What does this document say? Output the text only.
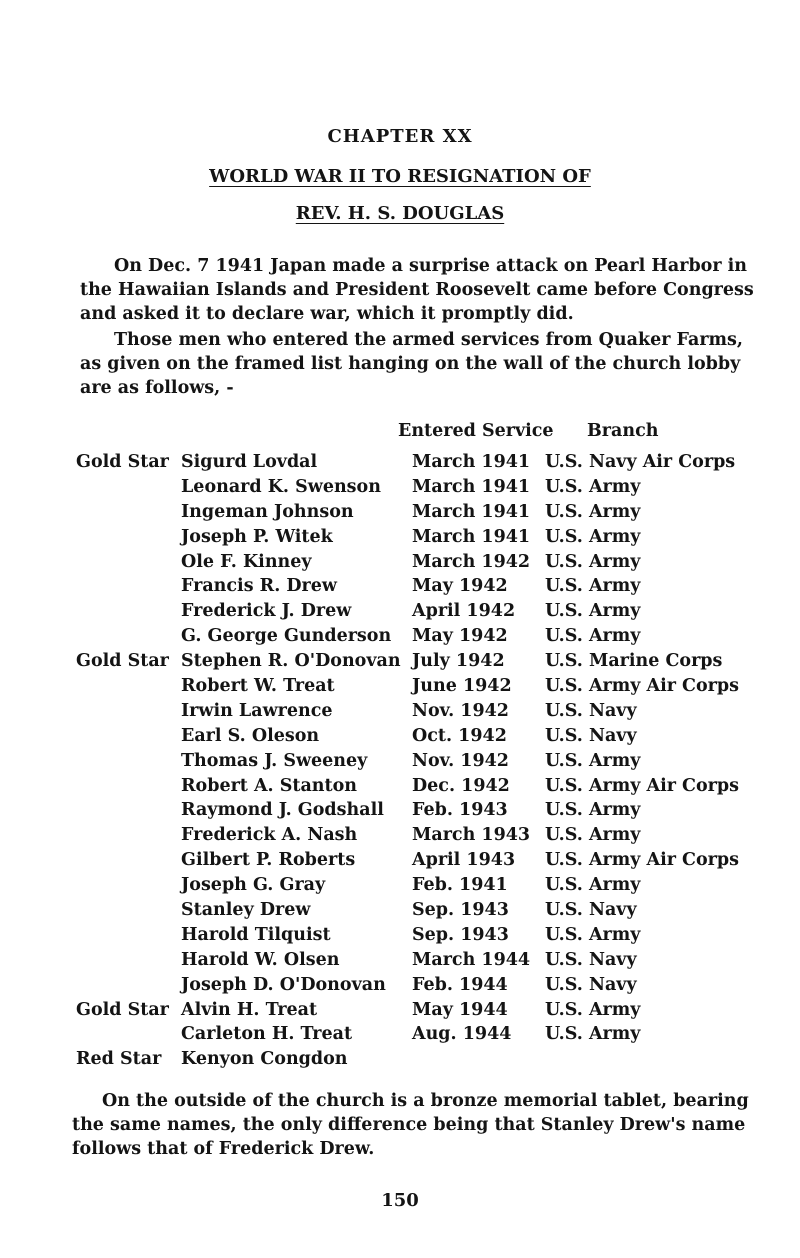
CHAPTER XX
WORLD WAR II TO RESIGNATION OF
REV. H. S. DOUGLAS

On Dec. 7 1941 Japan made a surprise attack on Pearl Harbor in the Hawaiian Islands and President Roosevelt came before Congress and asked it to declare war, which it promptly did.

Those men who entered the armed services from Quaker Farms, as given on the framed list hanging on the wall of the church lobby are as follows, -

Entered Service Branch
Gold Star Sigurd Lovdal	March 1941 U.S. Navy Air Corps
Leonard K. Swenson March 1941 U.S. Army
Ingeman Johnson	March 1941 U.S. Army
Joseph P. Witek	March 1941 U.S. Army
Ole F. Kinney	March 1942 U.S. Army
Francis R. Drew	May 1942 U.S. Army
Frederick J. Drew	April 1942 U.S. Army
G. George Gunderson May 1942 U.S. Army
Gold Star Stephen R. O'Donovan July 1942 U.S. Marine Corps
Robert W. Treat	June 1942 U.S. Army Air Corps
Irwin Lawrence	Nov. 1942 U.S. Navy
Earl S. Oleson	Oct. 1942 U.S. Navy
Thomas J. Sweeney	Nov. 1942 U.S. Army
Robert A. Stanton	Dec. 1942 U.S. Army Air Corps
Raymond J. Godshall Feb. 1943 U.S. Army
Frederick A. Nash	March 1943 U.S. Army
Gilbert P. Roberts	April 1943 U.S. Army Air Corps
Joseph G. Gray	Feb. 1941 U.S. Army
Stanley Drew	Sep. 1943 U.S. Navy
Harold Tilquist	Sep. 1943 U.S. Army
Harold W. Olsen	March 1944 U.S. Navy
Joseph D. O'Donovan Feb. 1944 U.S. Navy
Gold Star Alvin H. Treat	May 1944 U.S. Army
Carleton H. Treat	Aug. 1944 U.S. Army
Red Star Kenyon Congdon

On the outside of the church is a bronze memorial tablet, bearing the same names, the only difference being that Stanley Drew's name follows that of Frederick Drew.

150
